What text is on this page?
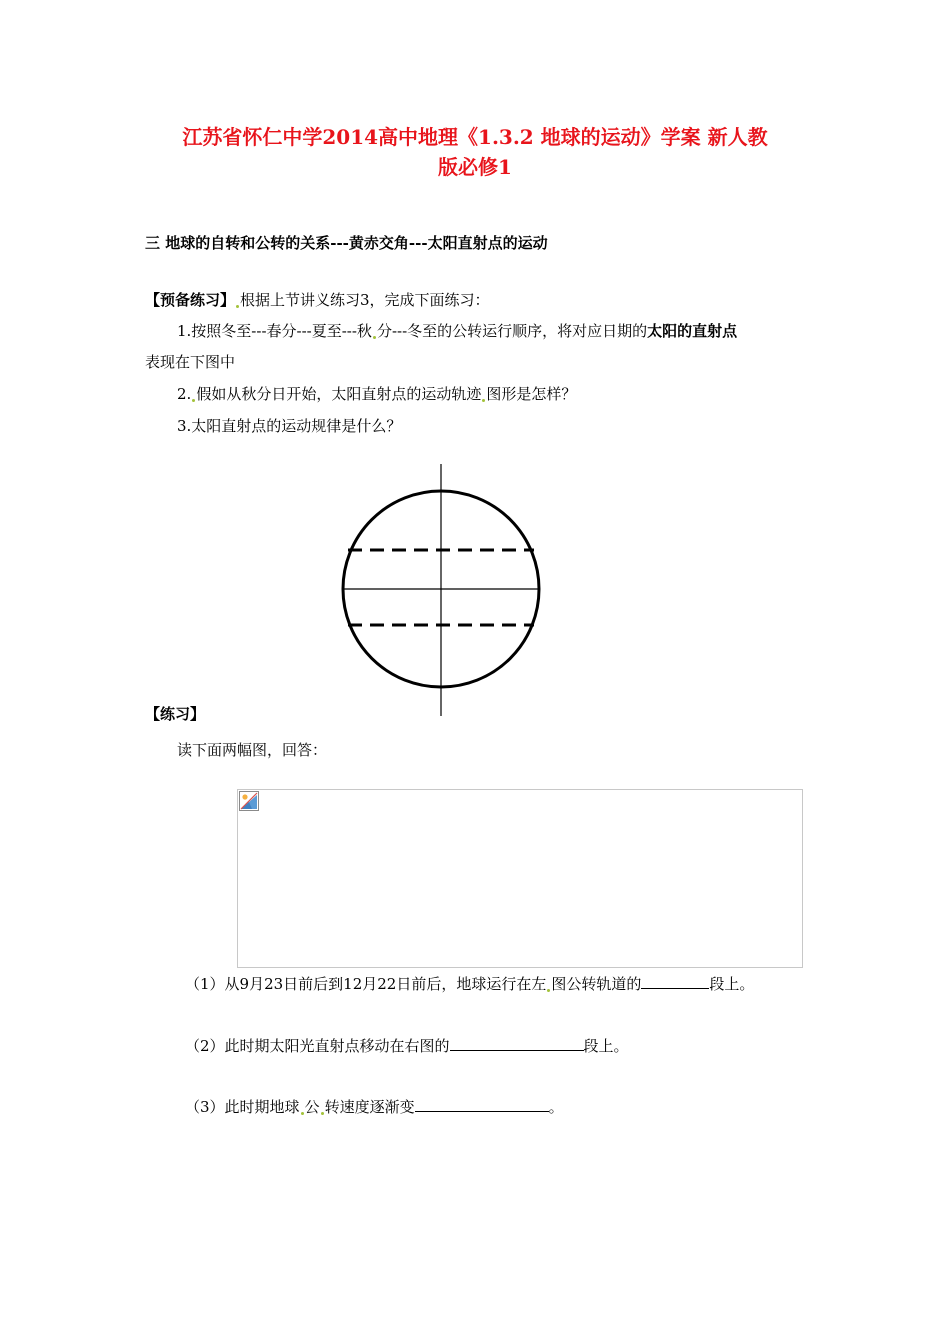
江苏省怀仁中学2014高中地理《1.3.2 地球的运动》学案 新人教
版必修1
三 地球的自转和公转的关系---黄赤交角---太阳直射点的运动
【预备练习】 根据上节讲义练习3，完成下面练习：
1.按照冬至---春分---夏至---秋 分---冬至的公转运行顺序，将对应日期的太阳的直射点
表现在下图中
2. 假如从秋分日开始，太阳直射点的运动轨迹 图形是怎样？
3.太阳直射点的运动规律是什么？
【练习】
读下面两幅图，回答：
（1）从9月23日前后到12月22日前后，地球运行在左 图公转轨道的	段上。
（2）此时期太阳光直射点移动在右图的	段上。
（3）此时期地球 公 转速度逐渐变	。
